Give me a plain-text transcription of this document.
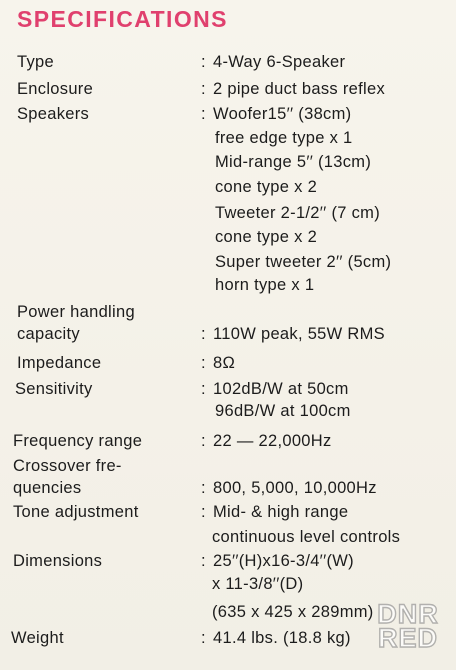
SPECIFICATIONS
Type	: 4-Way 6-Speaker
Enclosure	: 2 pipe duct bass reflex
Speakers	: Woofer15′′ (38cm)
free edge type x 1
Mid-range 5′′ (13cm)
cone type x 2
Tweeter 2-1/2′′ (7 cm)
cone type x 2
Super tweeter 2′′ (5cm)
horn type x 1
Power handling
capacity	: 110W peak, 55W RMS
Impedance	: 8Ω
Sensitivity	: 102dB/W at 50cm
96dB/W at 100cm
Frequency range	: 22 — 22,000Hz
Crossover fre-
quencies	: 800, 5,000, 10,000Hz
Tone adjustment	: Mid- & high range
continuous level controls
Dimensions	: 25′′(H)x16-3/4′′(W)
x 11-3/8′′(D)
(635 x 425 x 289mm)
Weight	: 41.4 lbs. (18.8 kg)
DNR
RED
